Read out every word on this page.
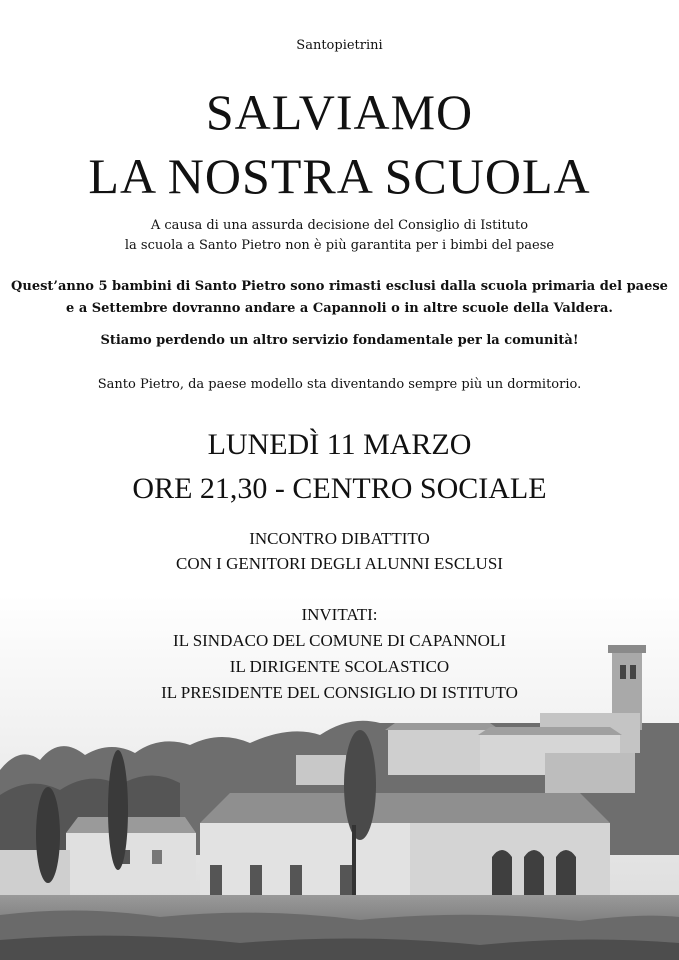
Santopietrini
SALVIAMO
LA NOSTRA SCUOLA
A causa di una assurda decisione del Consiglio di Istituto
la scuola a Santo Pietro non è più garantita per i bimbi del paese
Quest’anno 5 bambini di Santo Pietro sono rimasti esclusi dalla scuola primaria del paese
e a Settembre dovranno andare a Capannoli o in altre scuole della Valdera.
Stiamo perdendo un altro servizio fondamentale per la comunità!
Santo Pietro, da paese modello sta diventando sempre più un dormitorio.
LUNEDÌ 11 MARZO
ORE 21,30 - CENTRO SOCIALE
INCONTRO DIBATTITO
CON I GENITORI DEGLI ALUNNI ESCLUSI
INVITATI:
IL SINDACO DEL COMUNE DI CAPANNOLI
IL DIRIGENTE SCOLASTICO
IL PRESIDENTE DEL CONSIGLIO DI ISTITUTO
